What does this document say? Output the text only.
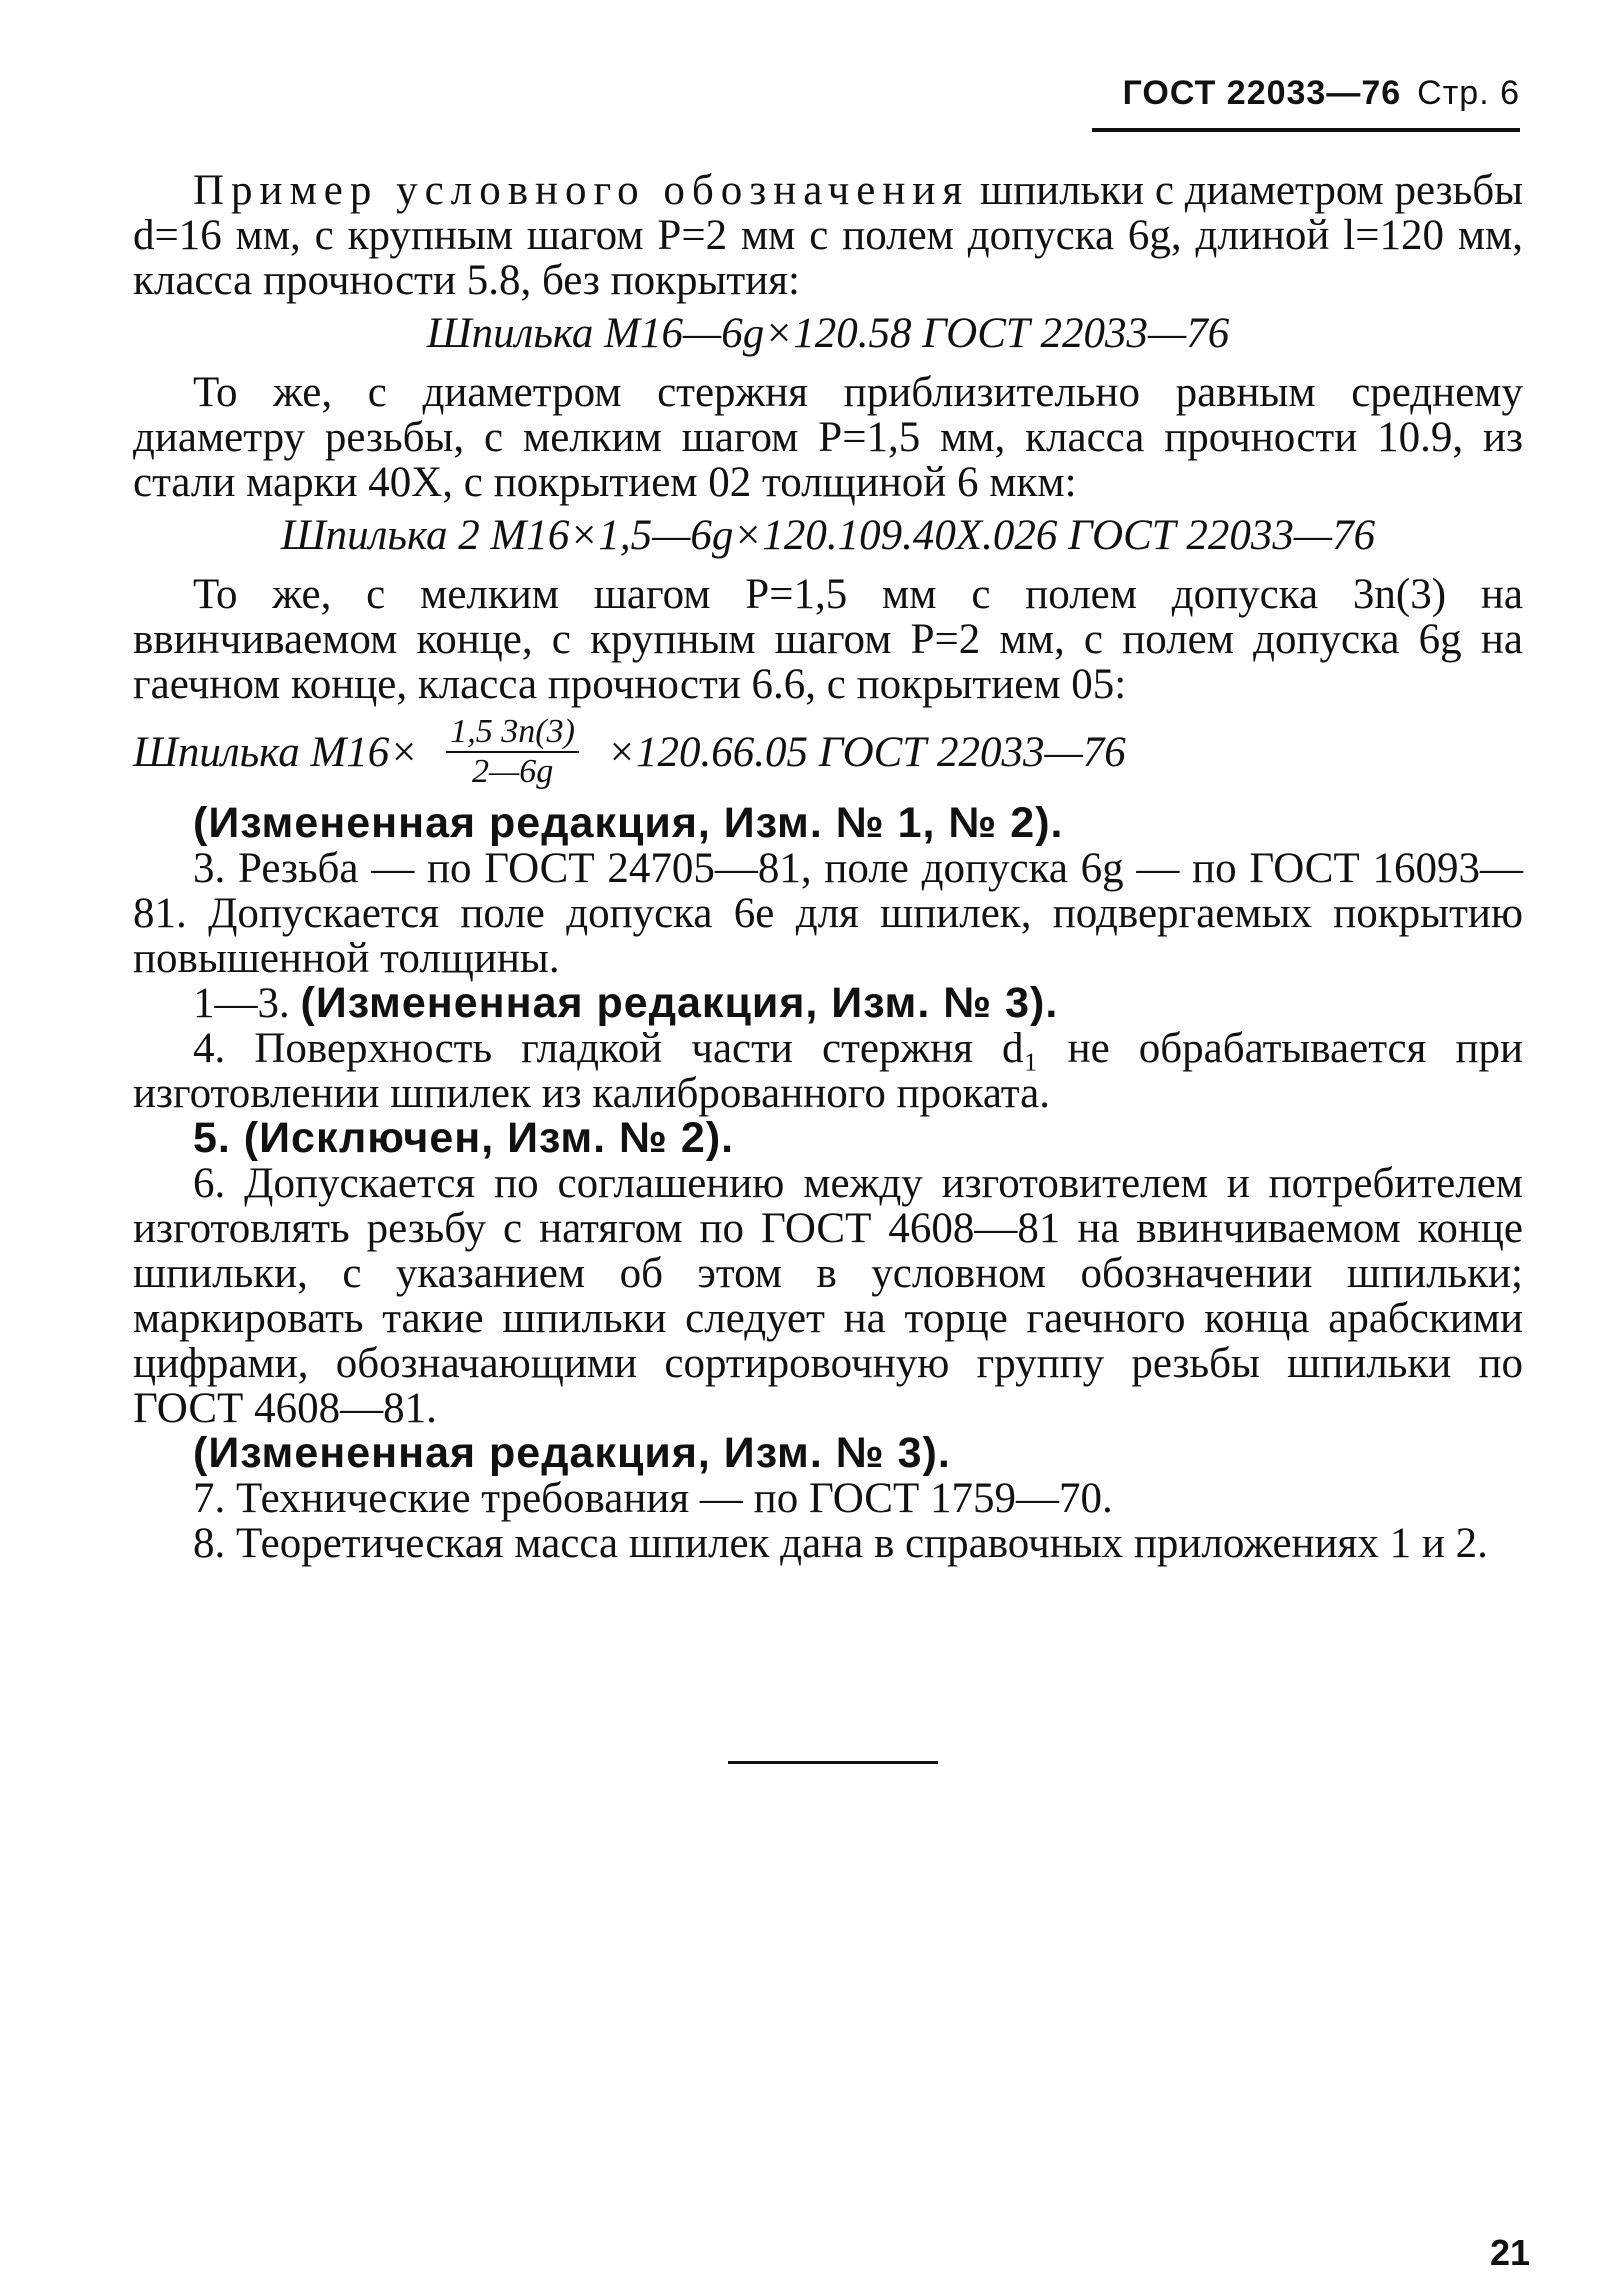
ГОСТ 22033—76 Стр. 6

Пример условного обозначения шпильки с диаметром резьбы d=16 мм, с крупным шагом P=2 мм с полем допуска 6g, длиной l=120 мм, класса прочности 5.8, без покрытия:

Шпилька М16—6g×120.58 ГОСТ 22033—76

То же, с диаметром стержня приблизительно равным среднему диаметру резьбы, с мелким шагом P=1,5 мм, класса прочности 10.9, из стали марки 40Х, с покрытием 02 толщиной 6 мкм:

Шпилька 2 М16×1,5—6g×120.109.40Х.026 ГОСТ 22033—76

То же, с мелким шагом P=1,5 мм с полем допуска 3n(3) на ввинчиваемом конце, с крупным шагом P=2 мм, с полем допуска 6g на гаечном конце, класса прочности 6.6, с покрытием 05:

Шпилька $М16\times \frac{1,5 3n(3)}{2—6g} \times 120.66.05$ ГОСТ 22033—76

(Измененная редакция, Изм. № 1, № 2).

3. Резьба — по ГОСТ 24705—81, поле допуска 6g — по ГОСТ 16093—81. Допускается поле допуска 6е для шпилек, подвергаемых покрытию повышенной толщины.

1—3. (Измененная редакция, Изм. № 3).

4. Поверхность гладкой части стержня d₁ не обрабатывается при изготовлении шпилек из калиброванного проката.

5. (Исключен, Изм. № 2).

6. Допускается по соглашению между изготовителем и потребителем изготовлять резьбу с натягом по ГОСТ 4608—81 на ввинчиваемом конце шпильки, с указанием об этом в условном обозначении шпильки; маркировать такие шпильки следует на торце гаечного конца арабскими цифрами, обозначающими сортировочную группу резьбы шпильки по ГОСТ 4608—81.

(Измененная редакция, Изм. № 3).

7. Технические требования — по ГОСТ 1759—70.

8. Теоретическая масса шпилек дана в справочных приложениях 1 и 2.

21
